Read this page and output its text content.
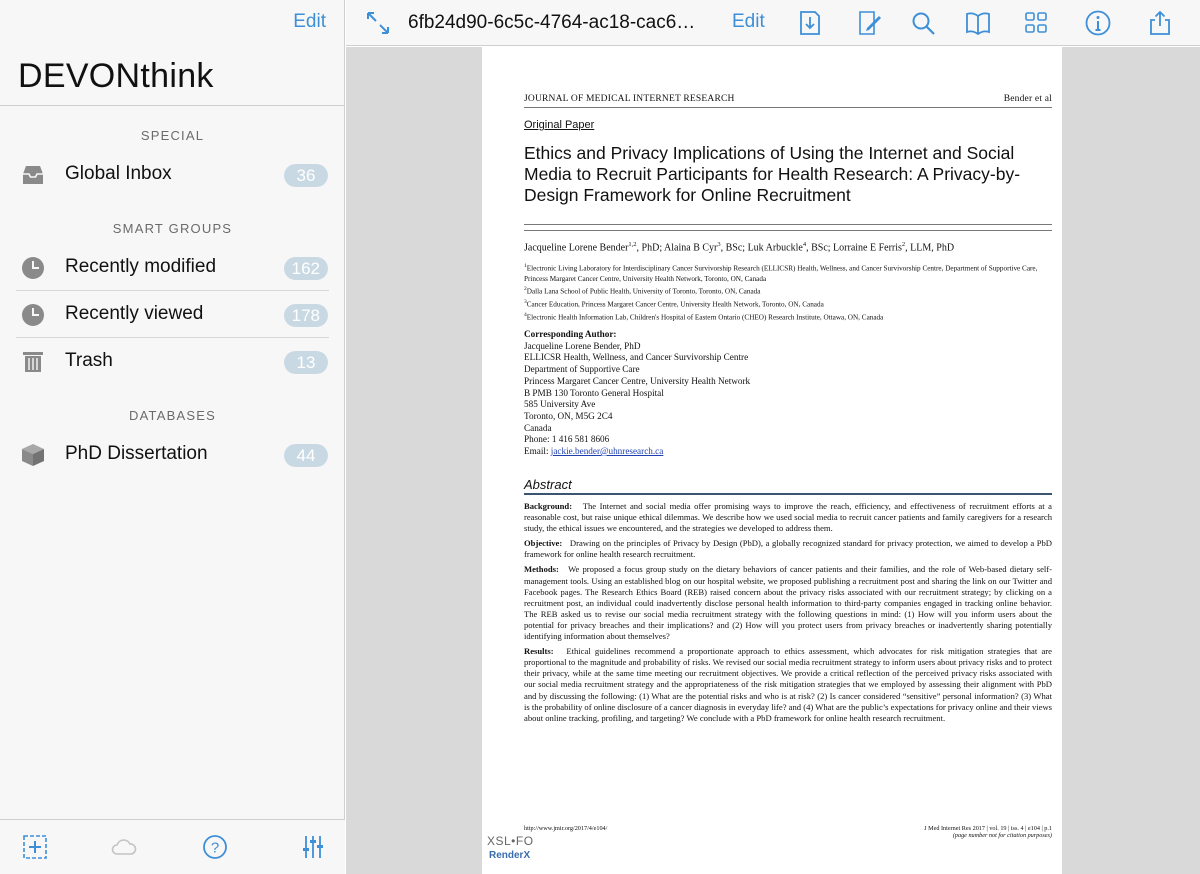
Edit
DEVONthink
SPECIAL
Global Inbox	36
SMART GROUPS
Recently modified	162
Recently viewed	178
Trash	13
DATABASES
PhD Dissertation	44
?
6fb24d90-6c5c-4764-ac18-cac6…	Edit
JOURNAL OF MEDICAL INTERNET RESEARCH	Bender et al
Original Paper
Ethics and Privacy Implications of Using the Internet and Social Media to Recruit Participants for Health Research: A Privacy-by-Design Framework for Online Recruitment
Jacqueline Lorene Bender$^{1,2}$, PhD; Alaina B Cyr$^3$, BSc; Luk Arbuckle$^4$, BSc; Lorraine E Ferris$^2$, LLM, PhD
$^1$Electronic Living Laboratory for Interdisciplinary Cancer Survivorship Research (ELLICSR) Health, Wellness, and Cancer Survivorship Centre, Department of Supportive Care, Princess Margaret Cancer Centre, University Health Network, Toronto, ON, Canada
$^2$Dalla Lana School of Public Health, University of Toronto, Toronto, ON, Canada
$^3$Cancer Education, Princess Margaret Cancer Centre, University Health Network, Toronto, ON, Canada
$^4$Electronic Health Information Lab, Children's Hospital of Eastern Ontario (CHEO) Research Institute, Ottawa, ON, Canada
Corresponding Author:
Jacqueline Lorene Bender, PhD
ELLICSR Health, Wellness, and Cancer Survivorship Centre
Department of Supportive Care
Princess Margaret Cancer Centre, University Health Network
B PMB 130 Toronto General Hospital
585 University Ave
Toronto, ON, M5G 2C4
Canada
Phone: 1 416 581 8606
Email: jackie.bender@uhnresearch.ca
Abstract

Background: The Internet and social media offer promising ways to improve the reach, efficiency, and effectiveness of recruitment efforts at a reasonable cost, but raise unique ethical dilemmas. We describe how we used social media to recruit cancer patients and family caregivers for a research study, the ethical issues we encountered, and the strategies we developed to address them.

Objective: Drawing on the principles of Privacy by Design (PbD), a globally recognized standard for privacy protection, we aimed to develop a PbD framework for online health research recruitment.

Methods: We proposed a focus group study on the dietary behaviors of cancer patients and their families, and the role of Web-based dietary self-management tools. Using an established blog on our hospital website, we proposed publishing a recruitment post and sharing the link on our Twitter and Facebook pages. The Research Ethics Board (REB) raised concern about the privacy risks associated with our recruitment strategy; by clicking on a recruitment post, an individual could inadvertently disclose personal health information to third-party companies engaged in tracking online behavior. The REB asked us to revise our social media recruitment strategy with the following questions in mind: (1) How will you inform users about the potential for privacy breaches and their implications? and (2) How will you protect users from privacy breaches or inadvertently sharing potentially identifying information about themselves?

Results: Ethical guidelines recommend a proportionate approach to ethics assessment, which advocates for risk mitigation strategies that are proportional to the magnitude and probability of risks. We revised our social media recruitment strategy to inform users about privacy risks and to protect their privacy, while at the same time meeting our recruitment objectives. We provide a critical reflection of the perceived privacy risks associated with our social media recruitment strategy and the appropriateness of the risk mitigation strategies that we employed by assessing their alignment with PbD and by discussing the following: (1) What are the potential risks and who is at risk? (2) Is cancer considered “sensitive” personal information? (3) What is the probability of online disclosure of a cancer diagnosis in everyday life? and (4) What are the public’s expectations for privacy online and their views about online tracking, profiling, and targeting? We conclude with a PbD framework for online health research recruitment.

http://www.jmir.org/2017/4/e104/	J Med Internet Res 2017 | vol. 19 | iss. 4 | e104 | p.1
(page number not for citation purposes)
XSL•FO
RenderX
